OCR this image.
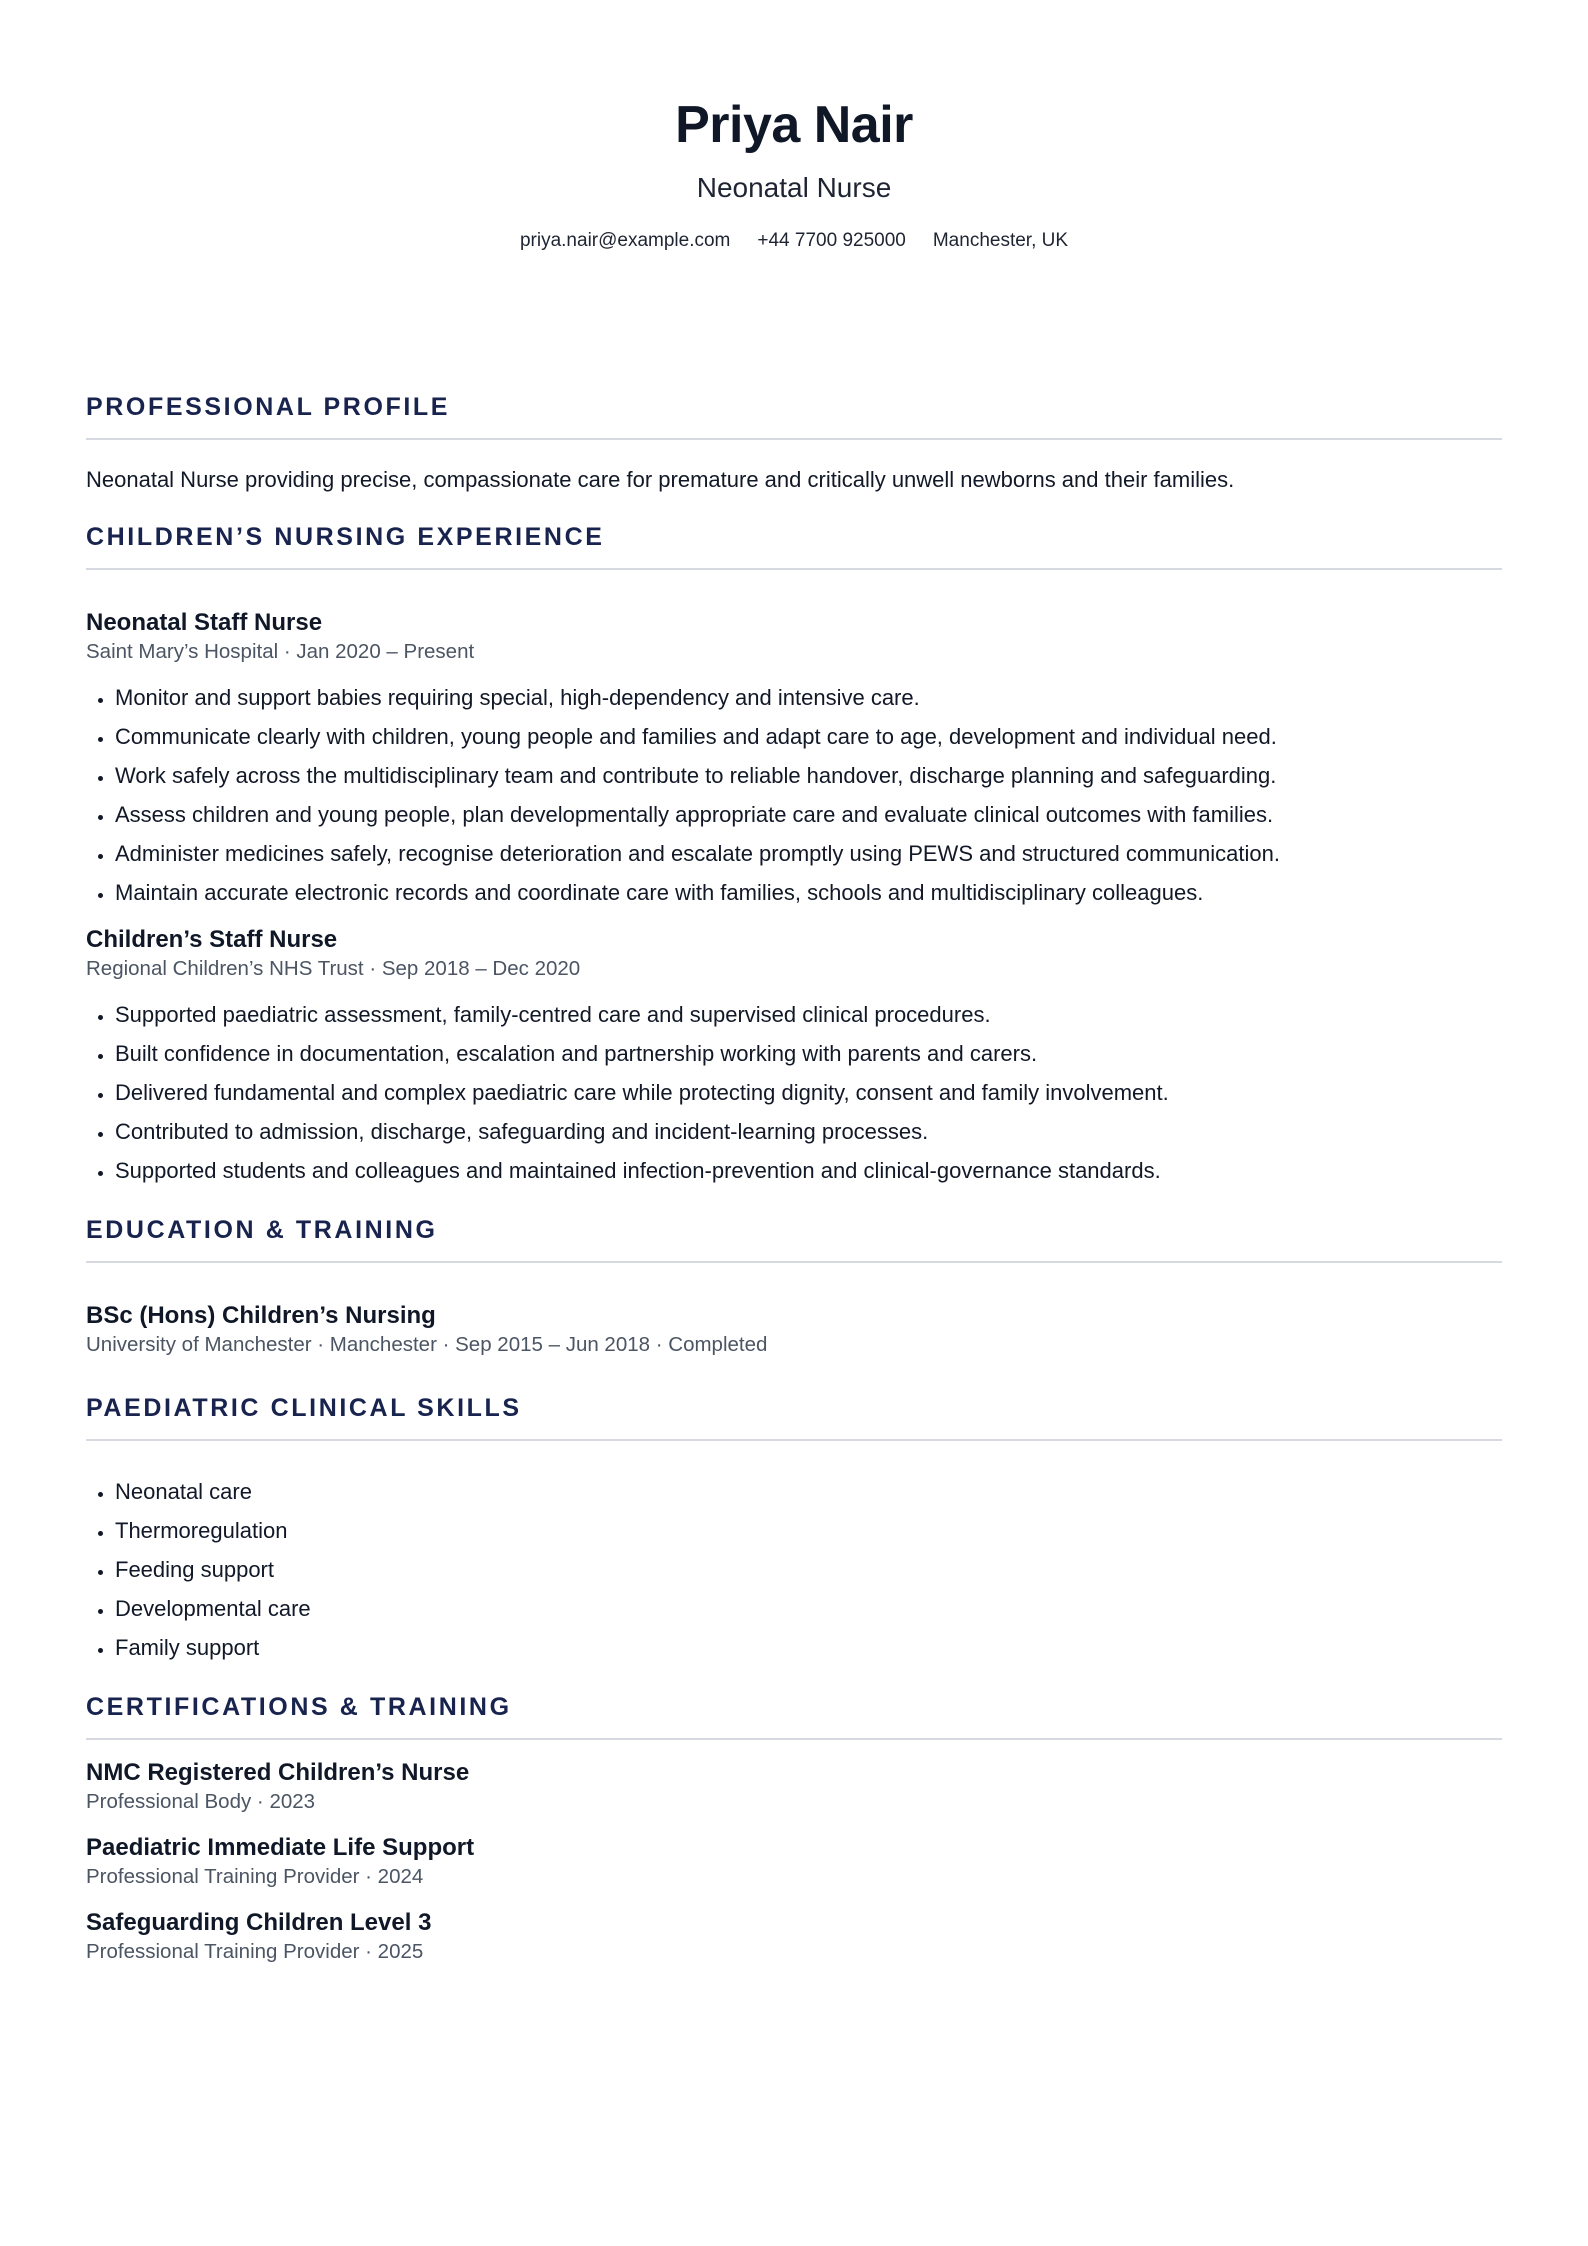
Priya Nair
Neonatal Nurse
priya.nair@example.com +44 7700 925000 Manchester, UK
PROFESSIONAL PROFILE

Neonatal Nurse providing precise, compassionate care for premature and critically unwell newborns and their families.

CHILDREN’S NURSING EXPERIENCE
Neonatal Staff Nurse
Saint Mary’s Hospital · Jan 2020 – Present
• Monitor and support babies requiring special, high-dependency and intensive care.
• Communicate clearly with children, young people and families and adapt care to age, development and individual need.
• Work safely across the multidisciplinary team and contribute to reliable handover, discharge planning and safeguarding.
• Assess children and young people, plan developmentally appropriate care and evaluate clinical outcomes with families.
• Administer medicines safely, recognise deterioration and escalate promptly using PEWS and structured communication.
• Maintain accurate electronic records and coordinate care with families, schools and multidisciplinary colleagues.
Children’s Staff Nurse
Regional Children’s NHS Trust · Sep 2018 – Dec 2020
• Supported paediatric assessment, family-centred care and supervised clinical procedures.
• Built confidence in documentation, escalation and partnership working with parents and carers.
• Delivered fundamental and complex paediatric care while protecting dignity, consent and family involvement.
• Contributed to admission, discharge, safeguarding and incident-learning processes.
• Supported students and colleagues and maintained infection-prevention and clinical-governance standards.
EDUCATION & TRAINING
BSc (Hons) Children’s Nursing
University of Manchester · Manchester · Sep 2015 – Jun 2018 · Completed
PAEDIATRIC CLINICAL SKILLS
• Neonatal care
• Thermoregulation
• Feeding support
• Developmental care
• Family support
CERTIFICATIONS & TRAINING
NMC Registered Children’s Nurse
Professional Body · 2023
Paediatric Immediate Life Support
Professional Training Provider · 2024
Safeguarding Children Level 3
Professional Training Provider · 2025
